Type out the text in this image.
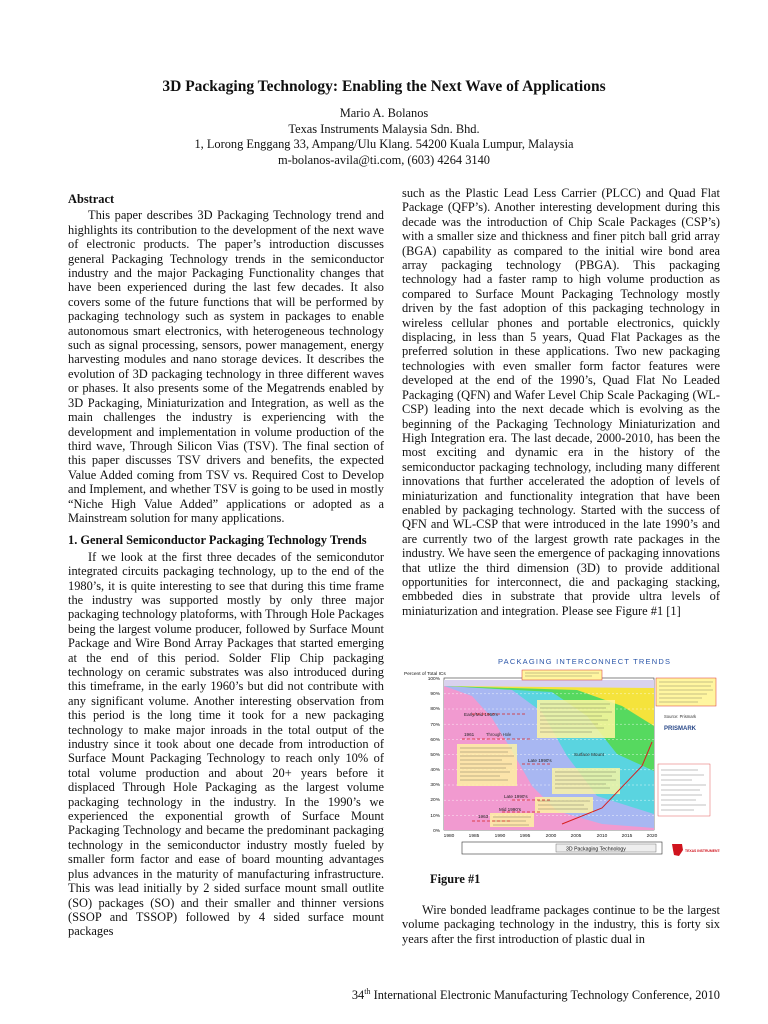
3D Packaging Technology: Enabling the Next Wave of Applications
Mario A. Bolanos
Texas Instruments Malaysia Sdn. Bhd.
1, Lorong Enggang 33, Ampang/Ulu Klang. 54200 Kuala Lumpur, Malaysia
m-bolanos-avila@ti.com, (603) 4264 3140

Abstract

This paper describes 3D Packaging Technology trend and highlights its contribution to the development of the next wave of electronic products. The paper’s introduction discusses general Packaging Technology trends in the semiconductor industry and the major Packaging Functionality changes that have been experienced during the last few decades. It also covers some of the future functions that will be performed by packaging technology such as system in packages to enable autonomous smart electronics, with heterogeneous technology such as signal processing, sensors, power management, energy harvesting modules and nano storage devices. It describes the evolution of 3D packaging technology in three different waves or phases. It also presents some of the Megatrends enabled by 3D Packaging, Miniaturization and Integration, as well as the main challenges the industry is experiencing with the development and implementation in volume production of the third wave, Through Silicon Vias (TSV). The final section of this paper discusses TSV drivers and benefits, the expected Value Added coming from TSV vs. Required Cost to Develop and Implement, and whether TSV is going to be used in mostly “Niche High Value Added” applications or adopted as a Mainstream solution for many applications.

1. General Semiconductor Packaging Technology Trends

If we look at the first three decades of the semicondutor integrated circuits packaging technology, up to the end of the 1980’s, it is quite interesting to see that during this time frame the industry was supported mostly by only three major packaging technology platoforms, with Through Hole Packages being the largest volume producer, followed by Surface Mount Package and Wire Bond Array Packages that started emerging at the end of this period. Solder Flip Chip packaging technology on ceramic substrates was also introduced during this timeframe, in the early 1960’s but did not contribute with any significant volume. Another interesting observation from this period is the long time it took for a new packaging technology to make major inroads in the total output of the industry since it took about one decade from introduction of Surface Mount Packaging Technology to reach only 10% of total volume production and about 20+ years before it displaced Through Hole Packaging as the largest volume packaging technology in the industry. In the 1990’s we experienced the exponential growth of Surface Mount Packaging Technology and became the predominant packaging technology in the semiconductor industry mostly fueled by smaller form factor and ease of board mounting advantages plus advances in the maturity of manufacturing infrastructure. This was lead initially by 2 sided surface mount small outlite (SO) packages (SO) and their smaller and thinner versions (SSOP and TSSOP) followed by 4 sided surface mount packages

such as the Plastic Lead Less Carrier (PLCC) and Quad Flat Package (QFP’s). Another interesting development during this decade was the introduction of Chip Scale Packages (CSP’s) with a smaller size and thickness and finer pitch ball grid array (BGA) capability as compared to the initial wire bond area array packaging technology (PBGA). This packaging technology had a faster ramp to high volume production as compared to Surface Mount Packaging Technology mostly driven by the fast adoption of this packaging technology in wireless cellular phones and portable electronics, quickly displacing, in less than 5 years, Quad Flat Packages as the preferred solution in these applications. Two new packaging technologies with even smaller form factor features were developed at the end of the 1990’s, Quad Flat No Leaded Packaging (QFN) and Wafer Level Chip Scale Packaging (WL-CSP) leading into the next decade which is evolving as the beginning of the Packaging Technology Miniaturization and High Integration era. The last decade, 2000-2010, has been the most exciting and dynamic era in the history of the semiconductor packaging technology, including many different innovations that further accelerated the adoption of levels of miniaturization and functionality integration that have been enabled by packaging technology. Started with the success of QFN and WL-CSP that were introduced in the late 1990’s and are currently two of the largest growth rate packages in the industry. We have seen the emergence of packaging innovations that utlize the third dimension (3D) to provide additional opportunities for interconnect, die and packaging stacking, embbeded dies in substrate that provide ultra levels of miniaturization and integration. Please see Figure #1 [1]

PACKAGING INTERCONNECT TRENDS
Percent of Total ICs
100%
90%
80%
70%
60%
50%
40%
30%
20%
10%
0%
1980	1985	1990	1995	2000	2005	2010	2015	2020
Early/Mid 1960's
1961	Through Hole
Surface Mount
Late 1990's
Late 1990's
Mid 1990's
1963
Source: Prismark
PRISMARK
3D Packaging Technology	TEXAS INSTRUMENTS
Figure #1

Wire bonded leadframe packages continue to be the largest volume packaging technology in the industry, this is forty six years after the first introduction of plastic dual in

34th International Electronic Manufacturing Technology Conference, 2010
